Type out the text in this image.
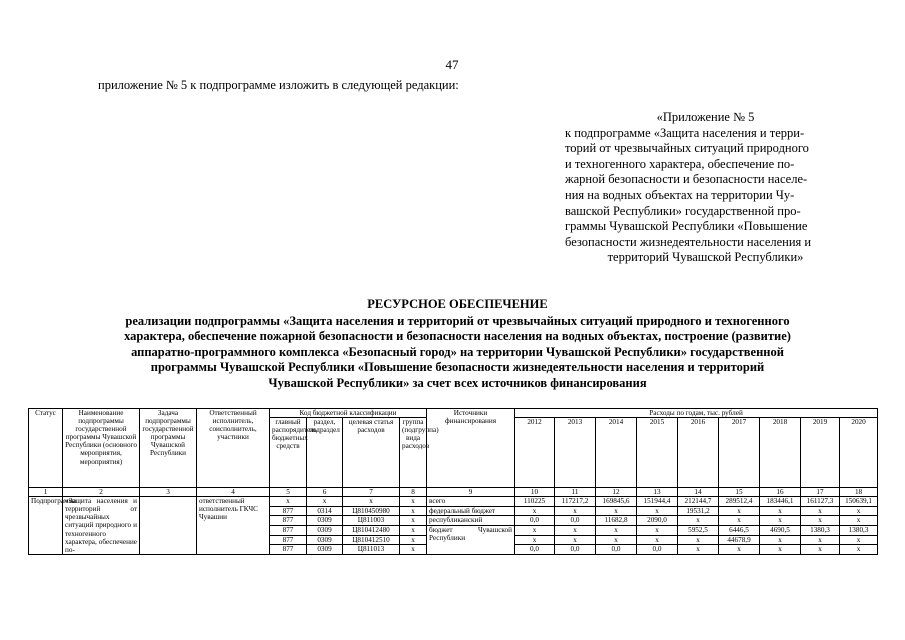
47
приложение № 5 к подпрограмме изложить в следующей редакции:
«Приложение № 5
к подпрограмме «Защита населения и терри-
торий от чрезвычайных ситуаций природного
и техногенного характера, обеспечение по-
жарной безопасности и безопасности населе-
ния на водных объектах на территории Чу-
вашской Республики» государственной про-
граммы Чувашской Республики «Повышение
безопасности жизнедеятельности населения и
территорий Чувашской Республики»
РЕСУРСНОЕ ОБЕСПЕЧЕНИЕ
реализации подпрограммы «Защита населения и территорий от чрезвычайных ситуаций природного и техногенного
характера, обеспечение пожарной безопасности и безопасности населения на водных объектах, построение (развитие)
аппаратно-программного комплекса «Безопасный город» на территории Чувашской Республики» государственной
программы Чувашской Республики «Повышение безопасности жизнедеятельности населения и территорий
Чувашской Республики» за счет всех источников финансирования
Статус	Наименование подпрограммы государственной программы Чувашской Республики (основного мероприятия, мероприятия)	Задача подпрограммы государственной программы Чувашской Республики	Ответственный исполнитель, соисполнитель, участники	Код бюджетной классификации				Источники финансирования	Расходы по годам, тыс. рублей								
				главный распорядитель бюджетных средств	раздел, подраздел	целевая статья расходов	группа (подгруппа) вида расходов		2012	2013	2014	2015	2016	2017	2018	2019	2020
1	2	3	4	5	6	7	8	9	10	11	12	13	14	15	16	17	18
Подпрограмма	«Защита населения и территорий от чрезвычайных ситуаций природного и техногенного характера, обеспечение по-		ответственный исполнитель ГКЧС Чувашии	x	x	x	x	всего	110225	117217,2	169845,6	151944,4	212144,7	289512,4	183446,1	161127,3	150639,1
				877	0314	Ц810450980	x	федеральный бюджет	x	x	x	x	19531,2	x	x	x	x
				877	0309	Ц811003	x	республиканский	0,0	0,0	11682,8	2090,0	x	x	x	x	x
				877	0309	Ц810412480	x	бюджет Чувашской Республики	x	x	x	x	5952,5	6446,5	4690,5	1380,3	1380,3
				877	0309	Ц810412510	x		x	x	x	x	x	44678,9	x	x	x
				877	0309	Ц811013	x		0,0	0,0	0,0	0,0	x	x	x	x	x
